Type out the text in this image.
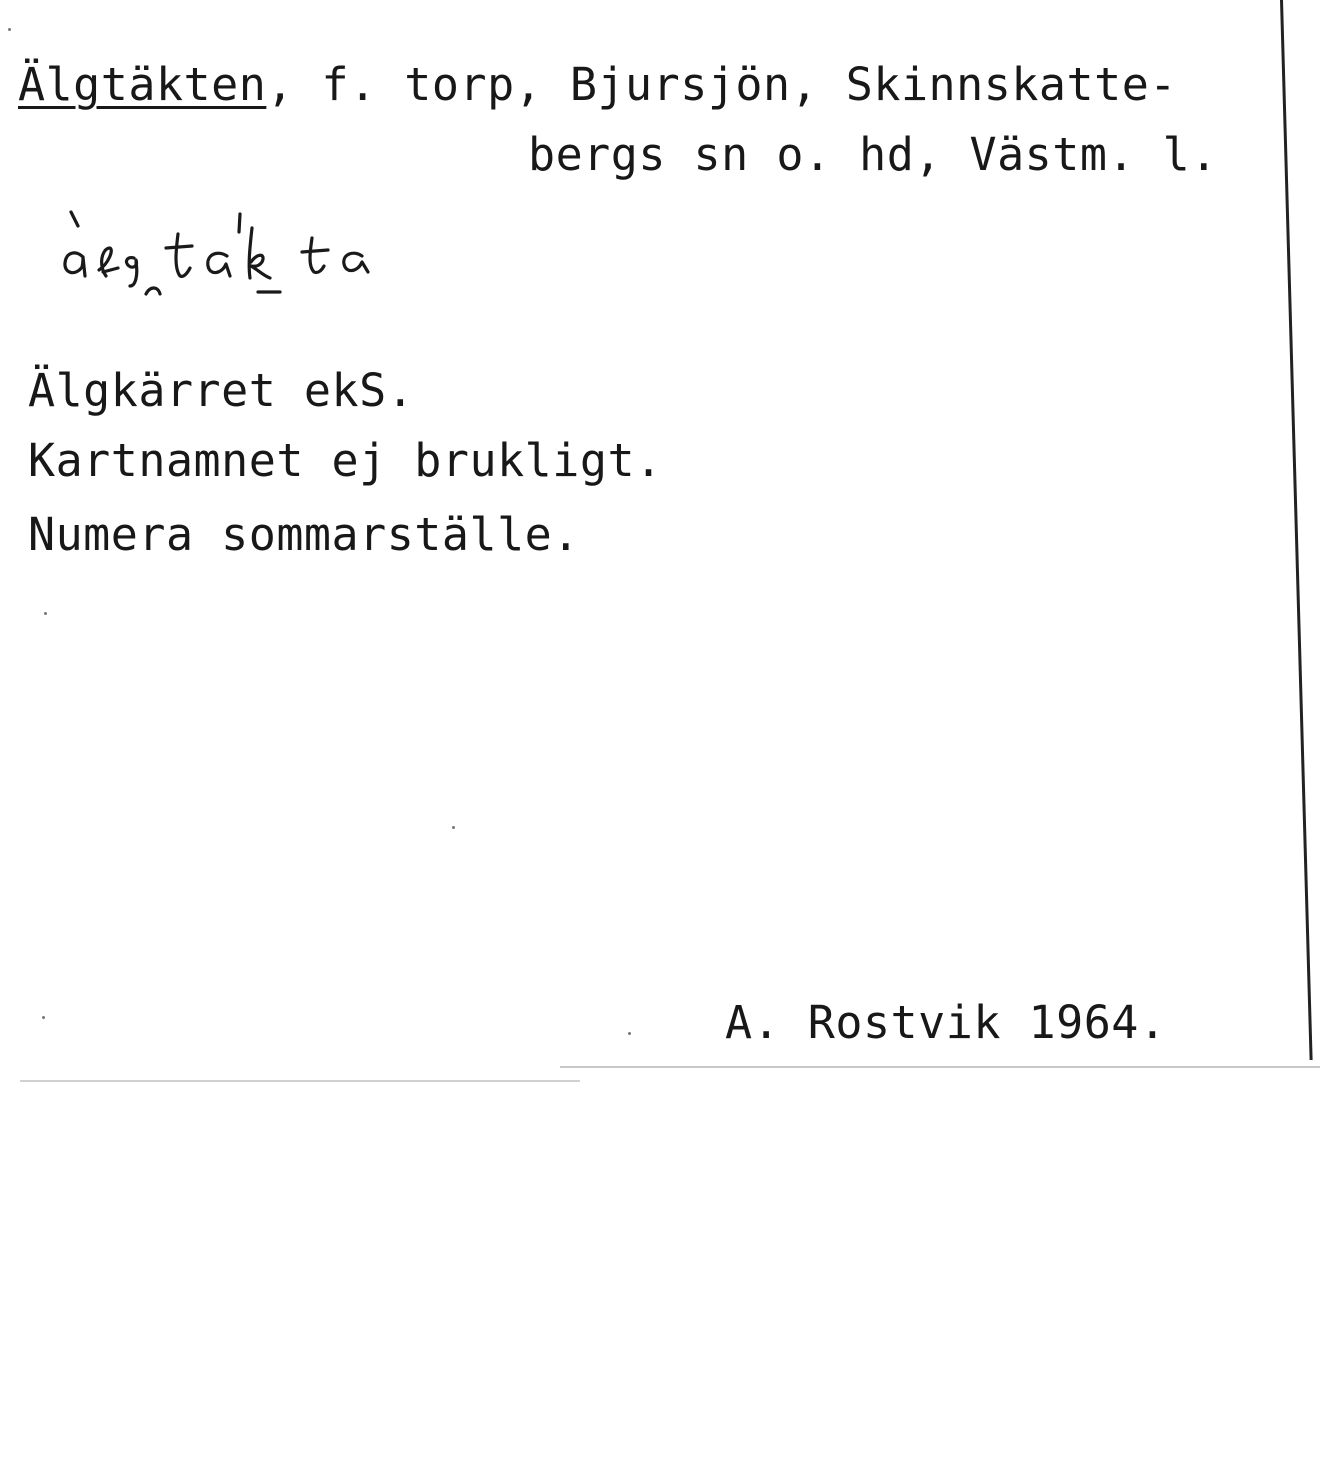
Älgtäkten, f. torp, Bjursjön, Skinnskatte-
bergs sn o. hd, Västm. l.
àlgtákta
Älgkärret ekS.
Kartnamnet ej brukligt.
Numera sommarställe.
A. Rostvik 1964.
